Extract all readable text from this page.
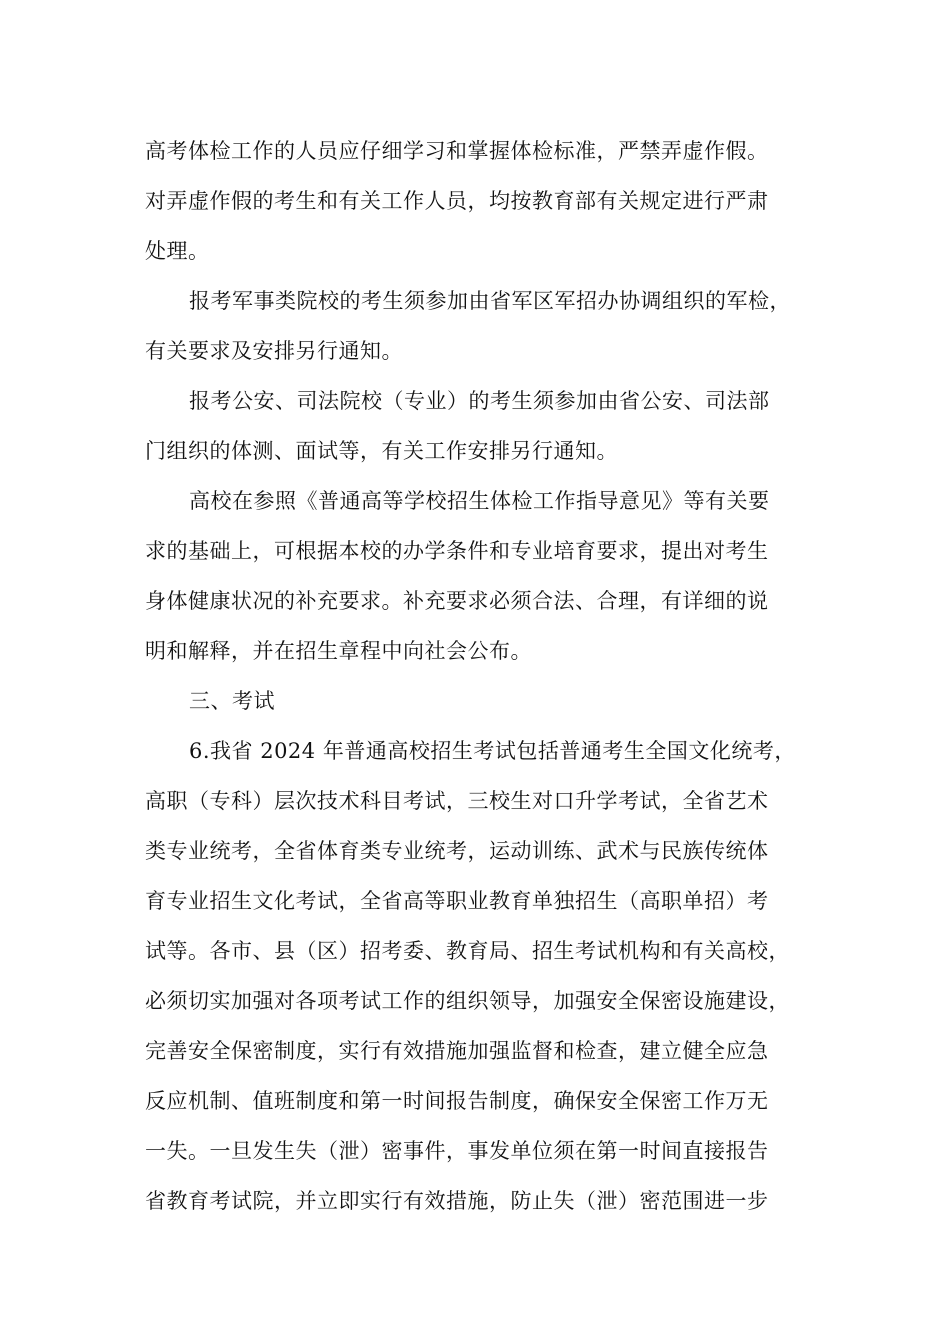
高考体检工作的人员应仔细学习和掌握体检标准，严禁弄虚作假。
对弄虚作假的考生和有关工作人员，均按教育部有关规定进行严肃
处理。
报考军事类院校的考生须参加由省军区军招办协调组织的军检，
有关要求及安排另行通知。
报考公安、司法院校（专业）的考生须参加由省公安、司法部
门组织的体测、面试等，有关工作安排另行通知。
高校在参照《普通高等学校招生体检工作指导意见》等有关要
求的基础上，可根据本校的办学条件和专业培育要求，提出对考生
身体健康状况的补充要求。补充要求必须合法、合理，有详细的说
明和解释，并在招生章程中向社会公布。
三、考试
6.我省 2024 年普通高校招生考试包括普通考生全国文化统考，
高职（专科）层次技术科目考试，三校生对口升学考试，全省艺术
类专业统考，全省体育类专业统考，运动训练、武术与民族传统体
育专业招生文化考试，全省高等职业教育单独招生（高职单招）考
试等。各市、县（区）招考委、教育局、招生考试机构和有关高校，
必须切实加强对各项考试工作的组织领导，加强安全保密设施建设，
完善安全保密制度，实行有效措施加强监督和检查，建立健全应急
反应机制、值班制度和第一时间报告制度，确保安全保密工作万无
一失。一旦发生失（泄）密事件，事发单位须在第一时间直接报告
省教育考试院，并立即实行有效措施，防止失（泄）密范围进一步
